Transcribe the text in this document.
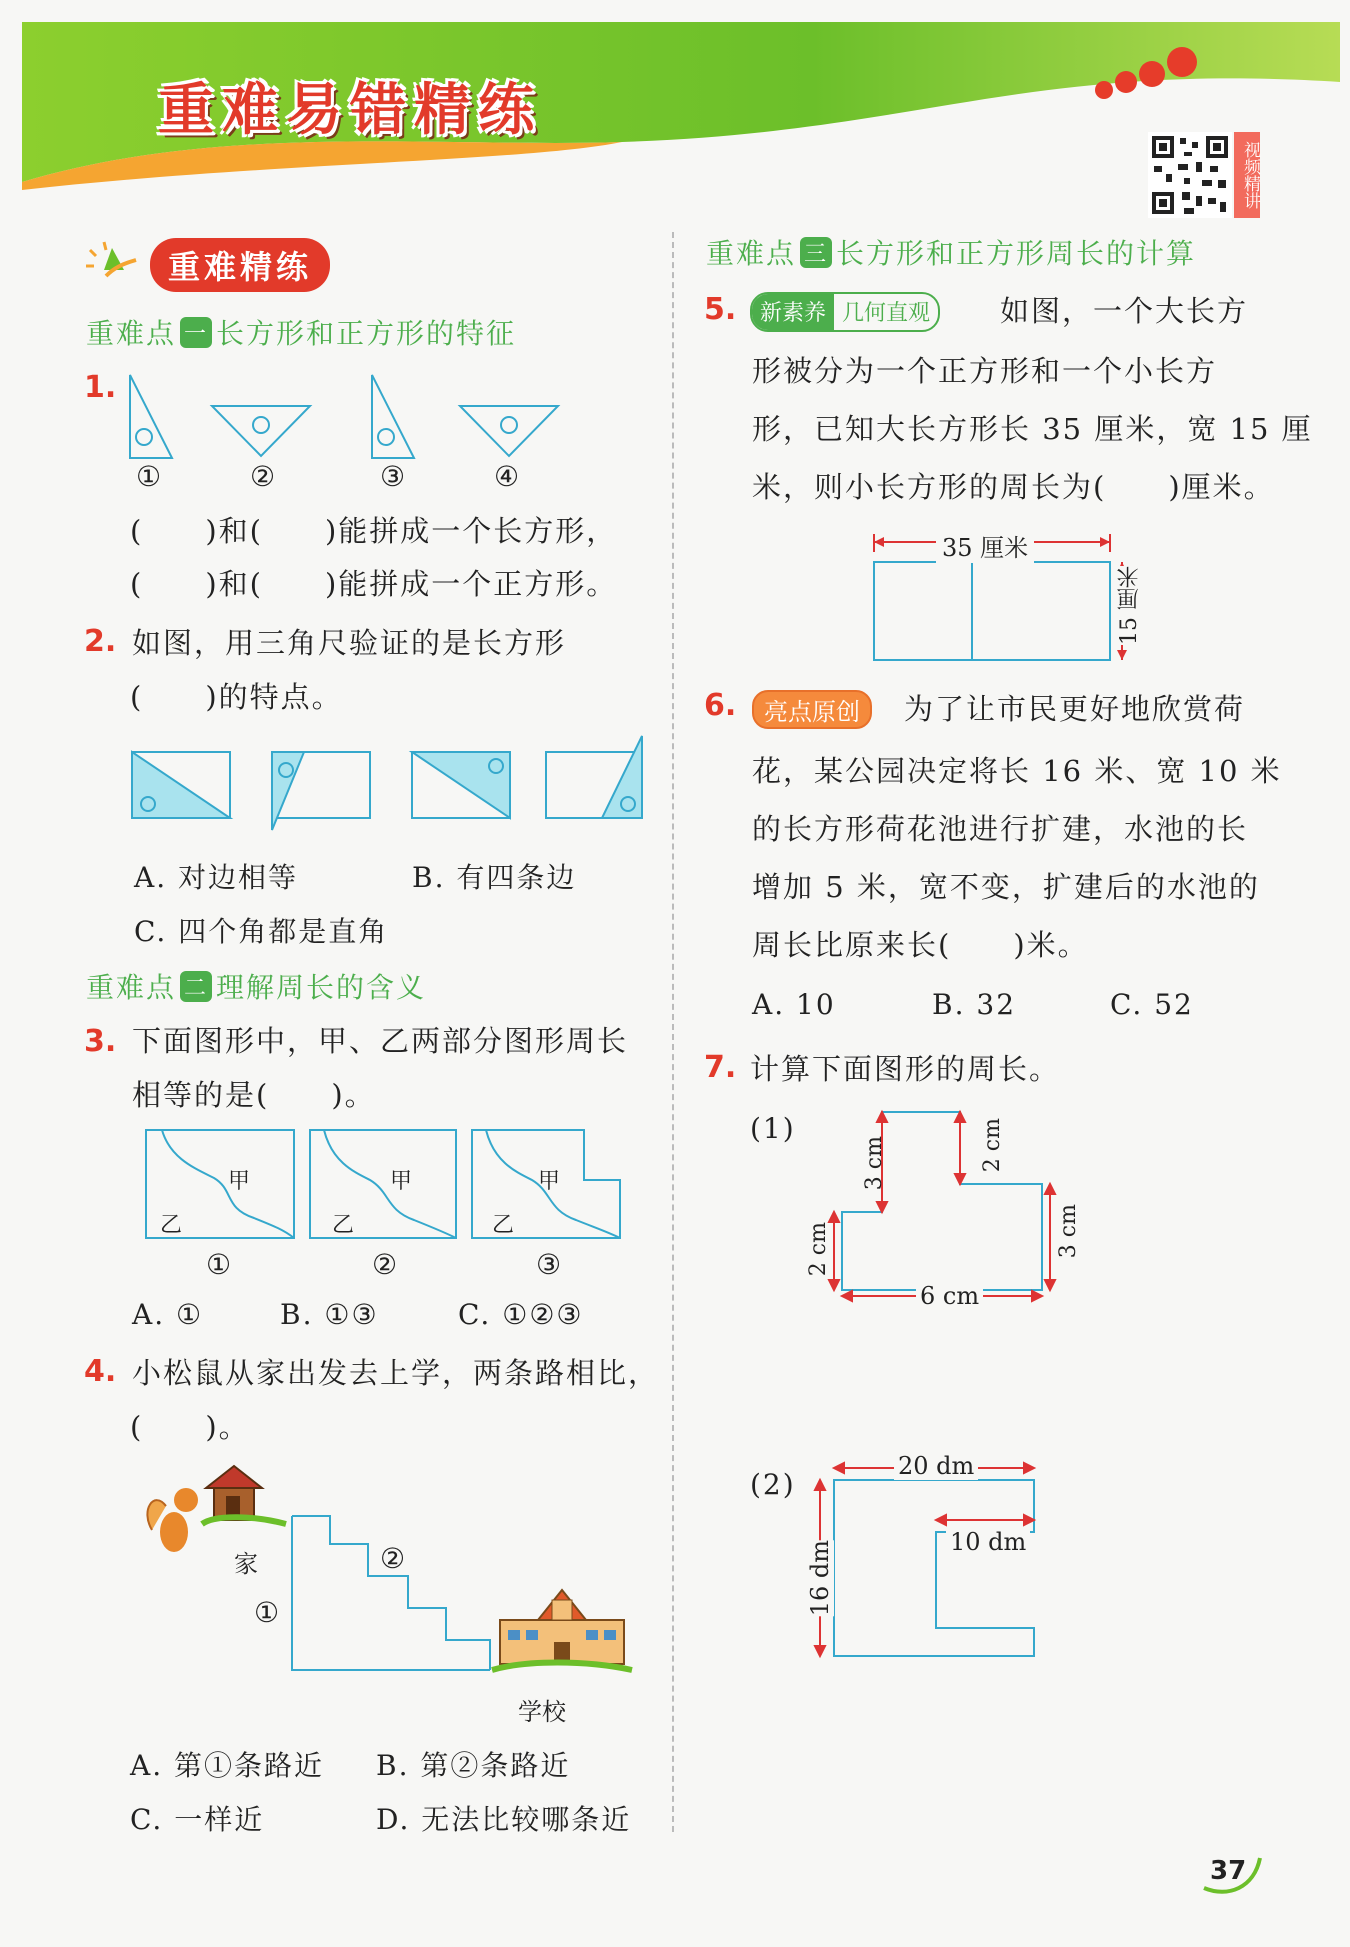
重难易错精练
视频精讲
重难精练
重难点 一 长方形和正方形的特征
1.
①	②	③	④
(　　)和(　　)能拼成一个长方形，
(　　)和(　　)能拼成一个正方形。
2. 如图，用三角尺验证的是长方形
(　　)的特点。
A. 对边相等	B. 有四条边
C. 四个角都是直角
重难点 二 理解周长的含义
3. 下面图形中，甲、乙两部分图形周长
相等的是(　　)。
甲
乙
甲
乙
甲
乙
①	②	③
A. ①	B. ①③	C. ①②③
4. 小松鼠从家出发去上学，两条路相比，
(　　)。
家	②
①
学校
A. 第①条路近 B. 第②条路近
C. 一样近	D. 无法比较哪条近
重难点 三 长方形和正方形周长的计算
5.	新素养 几何直观 如图，一个大长方
形被分为一个正方形和一个小长方
形，已知大长方形长 35 厘米，宽 15 厘
米，则小长方形的周长为(　　)厘米。
35 厘米
15 厘米
6.	亮点原创	为了让市民更好地欣赏荷
花，某公园决定将长 16 米、宽 10 米
的长方形荷花池进行扩建，水池的长
增加 5 米，宽不变，扩建后的水池的
周长比原来长(　　)米。
A. 10	B. 32	C. 52
7. 计算下面图形的周长。
(1)
3 cm	2 cm
2 cm	3 cm
6 cm
(2)
20 dm
10 dm
16 dm
37
